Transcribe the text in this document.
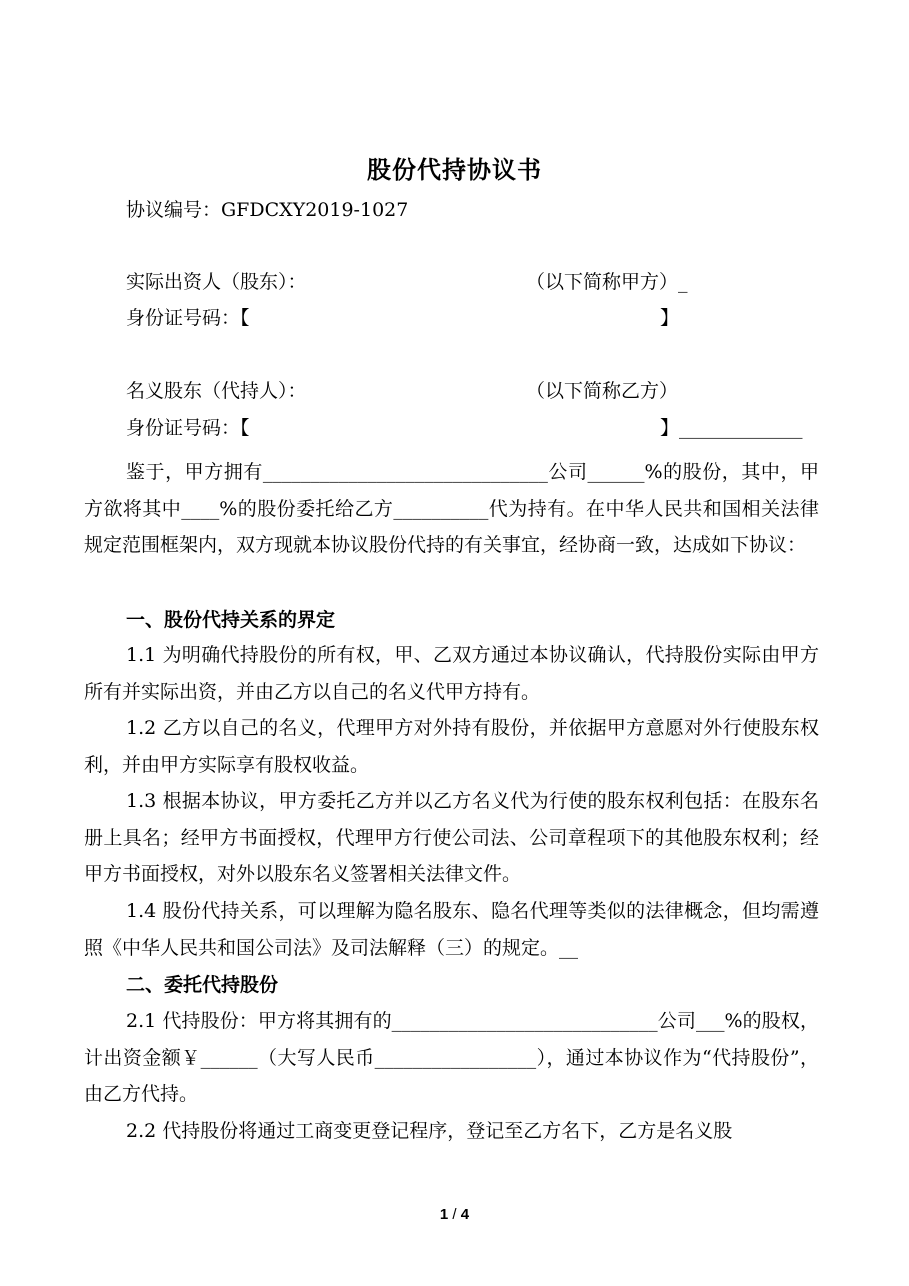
股份代持协议书
协议编号：GFDCXY2019-1027
实际出资人（股东）：	（以下简称甲方）_
身份证号码：【	】
名义股东（代持人）：	（以下简称乙方）
身份证号码：【	】_____________
鉴于，甲方拥有______________________________公司______%的股份，其中，甲方欲将其中____%的股份委托给乙方__________代为持有。在中华人民共和国相关法律规定范围框架内，双方现就本协议股份代持的有关事宜，经协商一致，达成如下协议：
一、股份代持关系的界定
1.1 为明确代持股份的所有权，甲、乙双方通过本协议确认，代持股份实际由甲方所有并实际出资，并由乙方以自己的名义代甲方持有。
1.2 乙方以自己的名义，代理甲方对外持有股份，并依据甲方意愿对外行使股东权利，并由甲方实际享有股权收益。
1.3 根据本协议，甲方委托乙方并以乙方名义代为行使的股东权利包括：在股东名册上具名；经甲方书面授权，代理甲方行使公司法、公司章程项下的其他股东权利；经甲方书面授权，对外以股东名义签署相关法律文件。
1.4 股份代持关系，可以理解为隐名股东、隐名代理等类似的法律概念，但均需遵照《中华人民共和国公司法》及司法解释（三）的规定。__
二、委托代持股份
2.1 代持股份：甲方将其拥有的____________________________公司___%的股权，计出资金额￥______（大写人民币_________________），通过本协议作为“代持股份”，由乙方代持。
2.2 代持股份将通过工商变更登记程序，登记至乙方名下，乙方是名义股
1 / 4
